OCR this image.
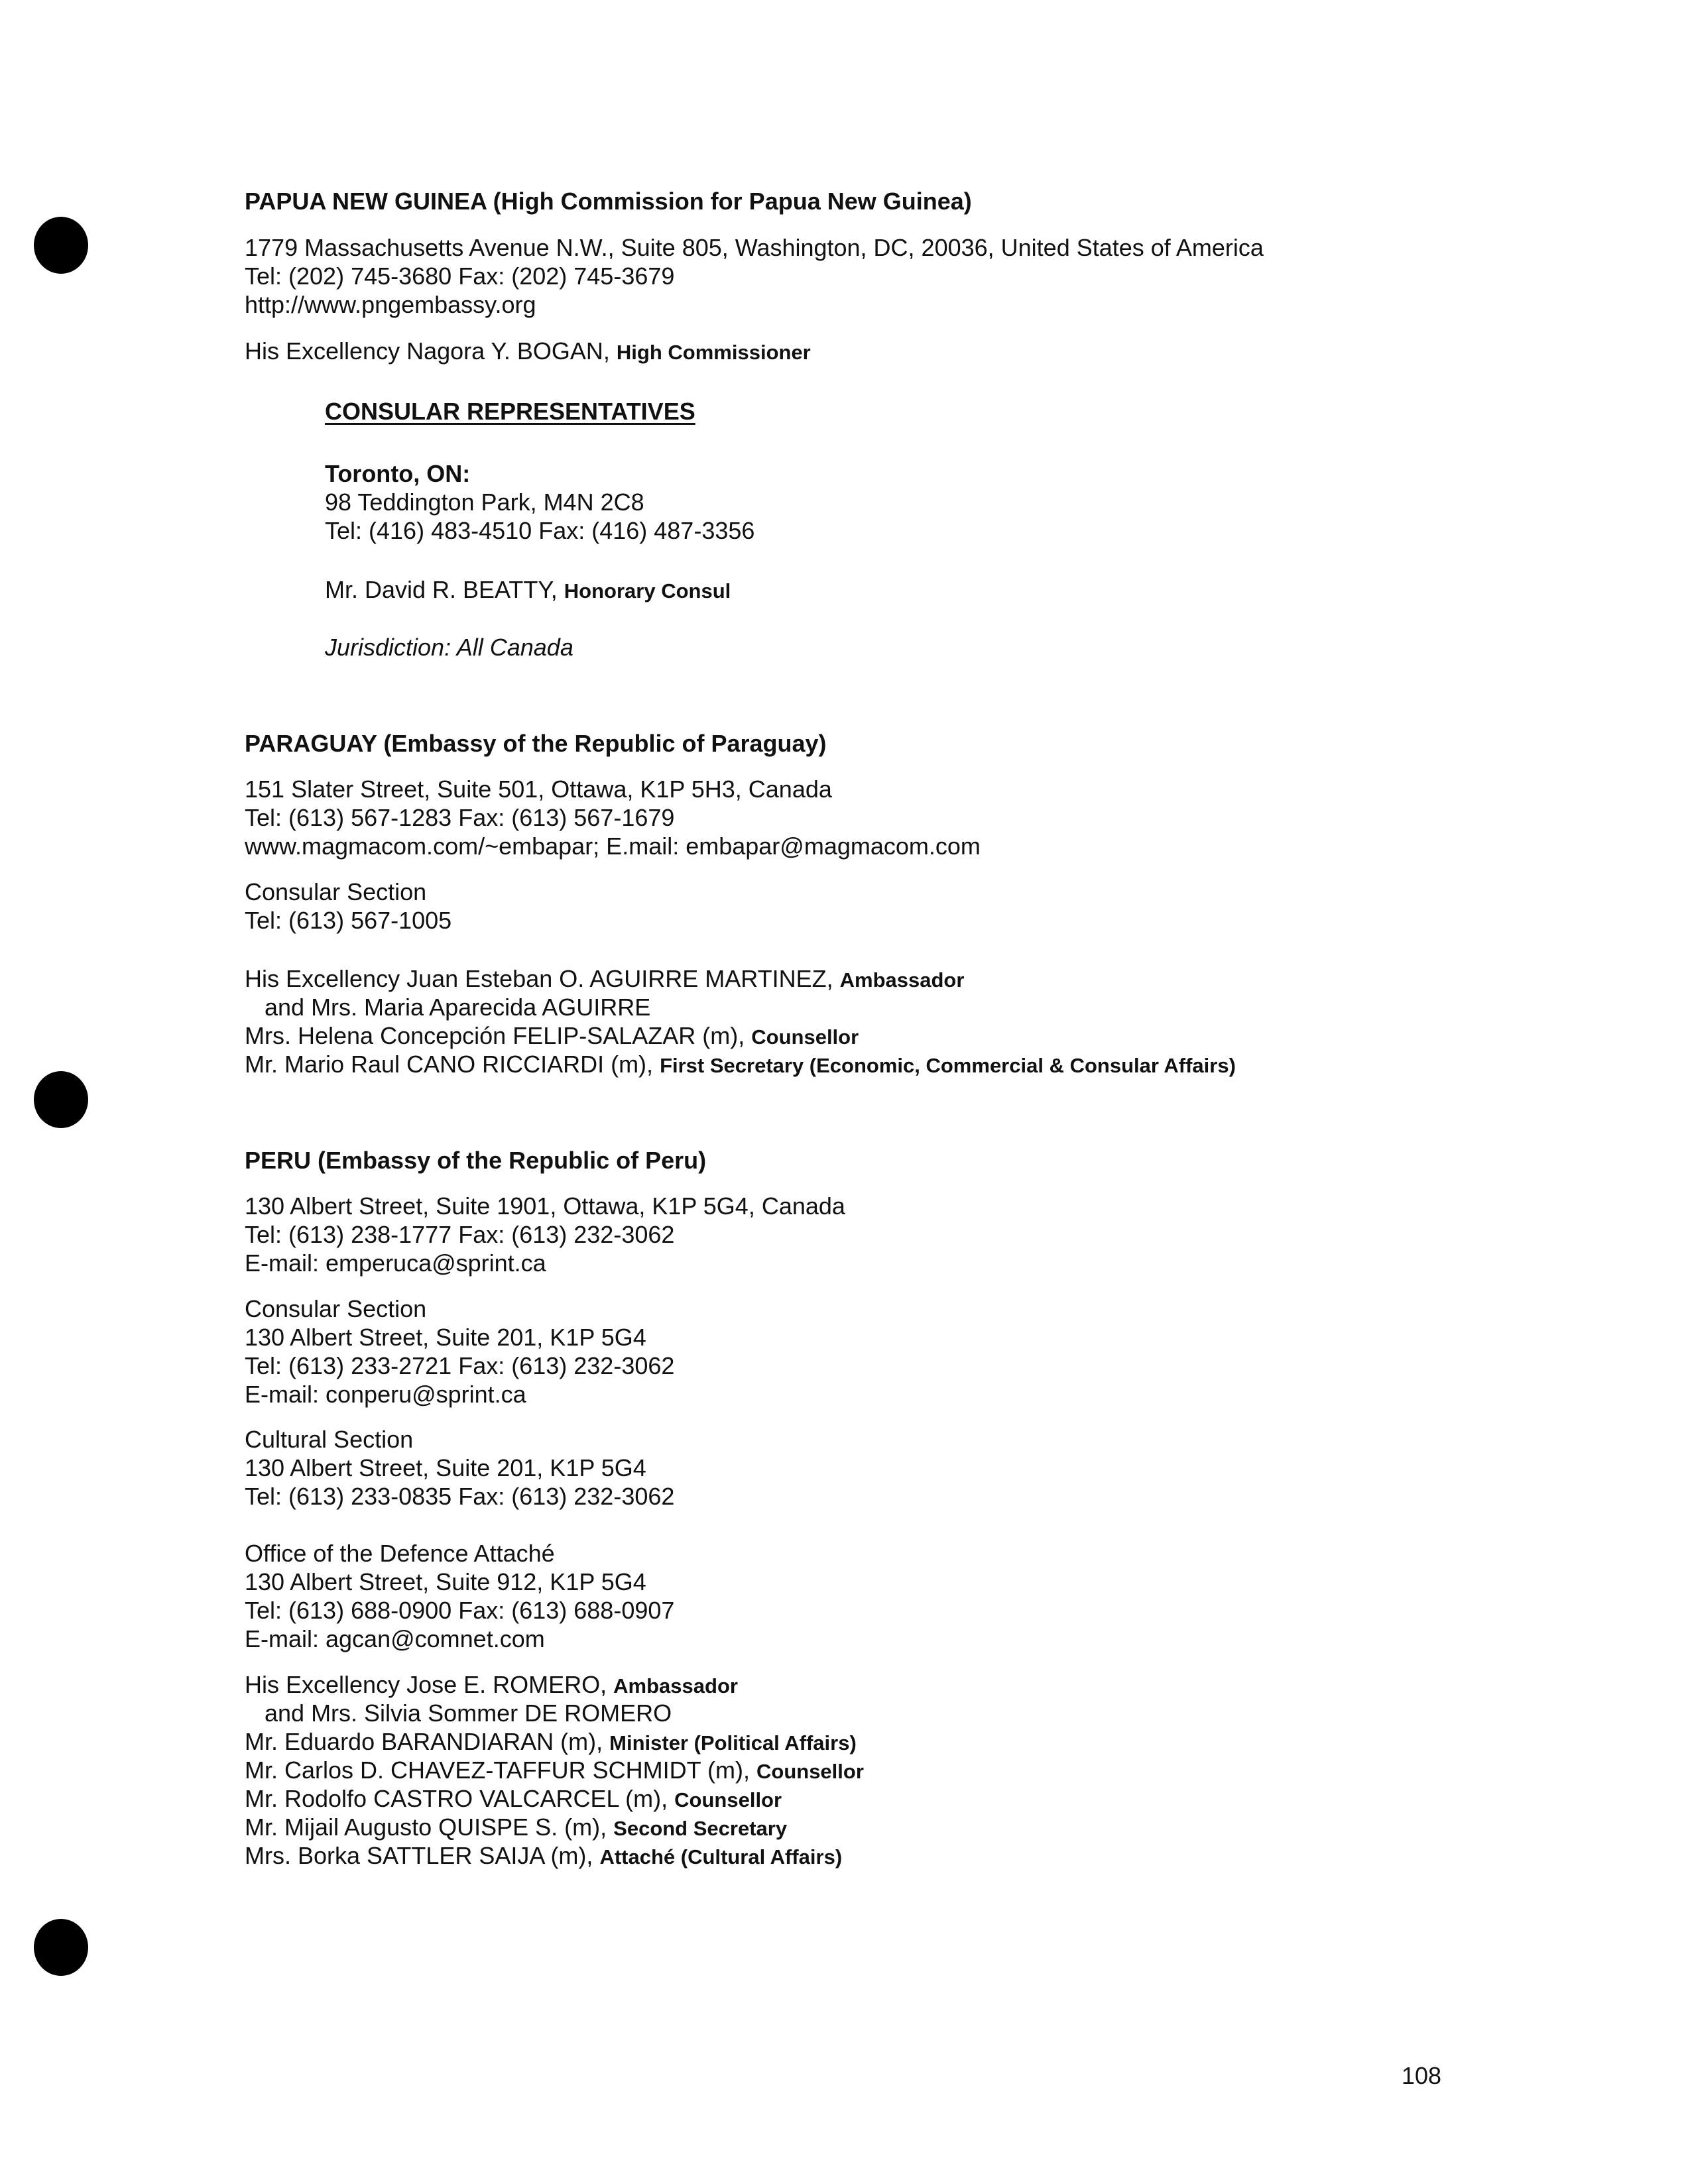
PAPUA NEW GUINEA (High Commission for Papua New Guinea)

1779 Massachusetts Avenue N.W., Suite 805, Washington, DC, 20036, United States of America

Tel: (202) 745-3680 Fax: (202) 745-3679

http://www.pngembassy.org

His Excellency Nagora Y. BOGAN, High Commissioner

CONSULAR REPRESENTATIVES

Toronto, ON:

98 Teddington Park, M4N 2C8

Tel: (416) 483-4510 Fax: (416) 487-3356

Mr. David R. BEATTY, Honorary Consul

Jurisdiction: All Canada

PARAGUAY (Embassy of the Republic of Paraguay)

151 Slater Street, Suite 501, Ottawa, K1P 5H3, Canada

Tel: (613) 567-1283 Fax: (613) 567-1679

www.magmacom.com/~embapar; E.mail: embapar@magmacom.com

Consular Section

Tel: (613) 567-1005

His Excellency Juan Esteban O. AGUIRRE MARTINEZ, Ambassador

and Mrs. Maria Aparecida AGUIRRE

Mrs. Helena Concepción FELIP-SALAZAR (m), Counsellor

Mr. Mario Raul CANO RICCIARDI (m), First Secretary (Economic, Commercial & Consular Affairs)

PERU (Embassy of the Republic of Peru)

130 Albert Street, Suite 1901, Ottawa, K1P 5G4, Canada

Tel: (613) 238-1777 Fax: (613) 232-3062

E-mail: emperuca@sprint.ca

Consular Section

130 Albert Street, Suite 201, K1P 5G4

Tel: (613) 233-2721 Fax: (613) 232-3062

E-mail: conperu@sprint.ca

Cultural Section

130 Albert Street, Suite 201, K1P 5G4

Tel: (613) 233-0835 Fax: (613) 232-3062

Office of the Defence Attaché

130 Albert Street, Suite 912, K1P 5G4

Tel: (613) 688-0900 Fax: (613) 688-0907

E-mail: agcan@comnet.com

His Excellency Jose E. ROMERO, Ambassador

and Mrs. Silvia Sommer DE ROMERO

Mr. Eduardo BARANDIARAN (m), Minister (Political Affairs)

Mr. Carlos D. CHAVEZ-TAFFUR SCHMIDT (m), Counsellor

Mr. Rodolfo CASTRO VALCARCEL (m), Counsellor

Mr. Mijail Augusto QUISPE S. (m), Second Secretary

Mrs. Borka SATTLER SAIJA (m), Attaché (Cultural Affairs)

108
